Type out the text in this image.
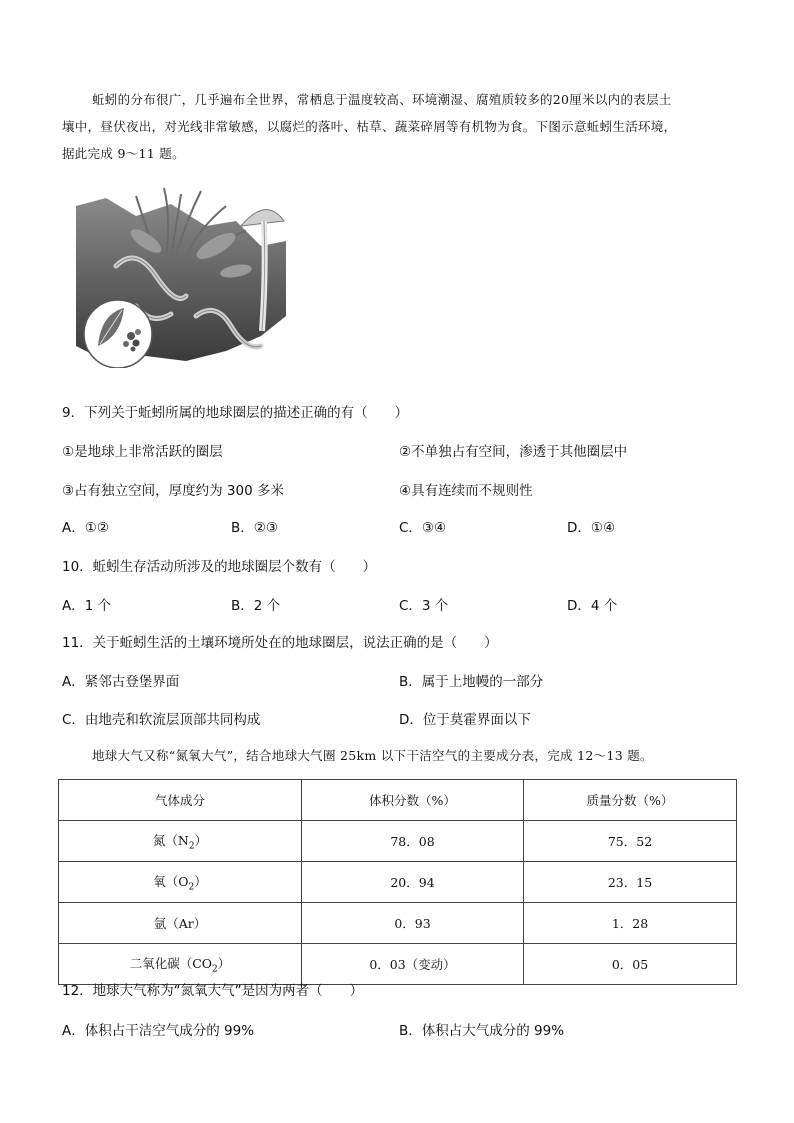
蚯蚓的分布很广，几乎遍布全世界，常栖息于温度较高、环境潮湿、腐殖质较多的20厘米以内的表层土
壤中，昼伏夜出，对光线非常敏感，以腐烂的落叶、枯草、蔬菜碎屑等有机物为食。下图示意蚯蚓生活环境，
据此完成 9～11 题。
9．下列关于蚯蚓所属的地球圈层的描述正确的有（　　）
①是地球上非常活跃的圈层	②不单独占有空间，渗透于其他圈层中
③占有独立空间，厚度约为 300 多米	④具有连续而不规则性
A．①②	B．②③	C．③④	D．①④
10．蚯蚓生存活动所涉及的地球圈层个数有（　　）
A．1 个	B．2 个	C．3 个	D．4 个
11．关于蚯蚓生活的土壤环境所处在的地球圈层，说法正确的是（　　）
A．紧邻古登堡界面	B．属于上地幔的一部分
C．由地壳和软流层顶部共同构成	D．位于莫霍界面以下
地球大气又称“氮氧大气”，结合地球大气圈 25km 以下干洁空气的主要成分表，完成 12～13 题。
气体成分	体积分数（%）	质量分数（%）
氮$(N_2)$	78．08	75．52
氧$(O_2)$	20．94	23．15
氩（Ar）	0．93	1．28
二氧化碳$(CO_2)$	0．03（变动）	0．05
12．地球大气称为“氮氧大气”是因为两者（　　）
A．体积占干洁空气成分的 99%	B．体积占大气成分的 99%
